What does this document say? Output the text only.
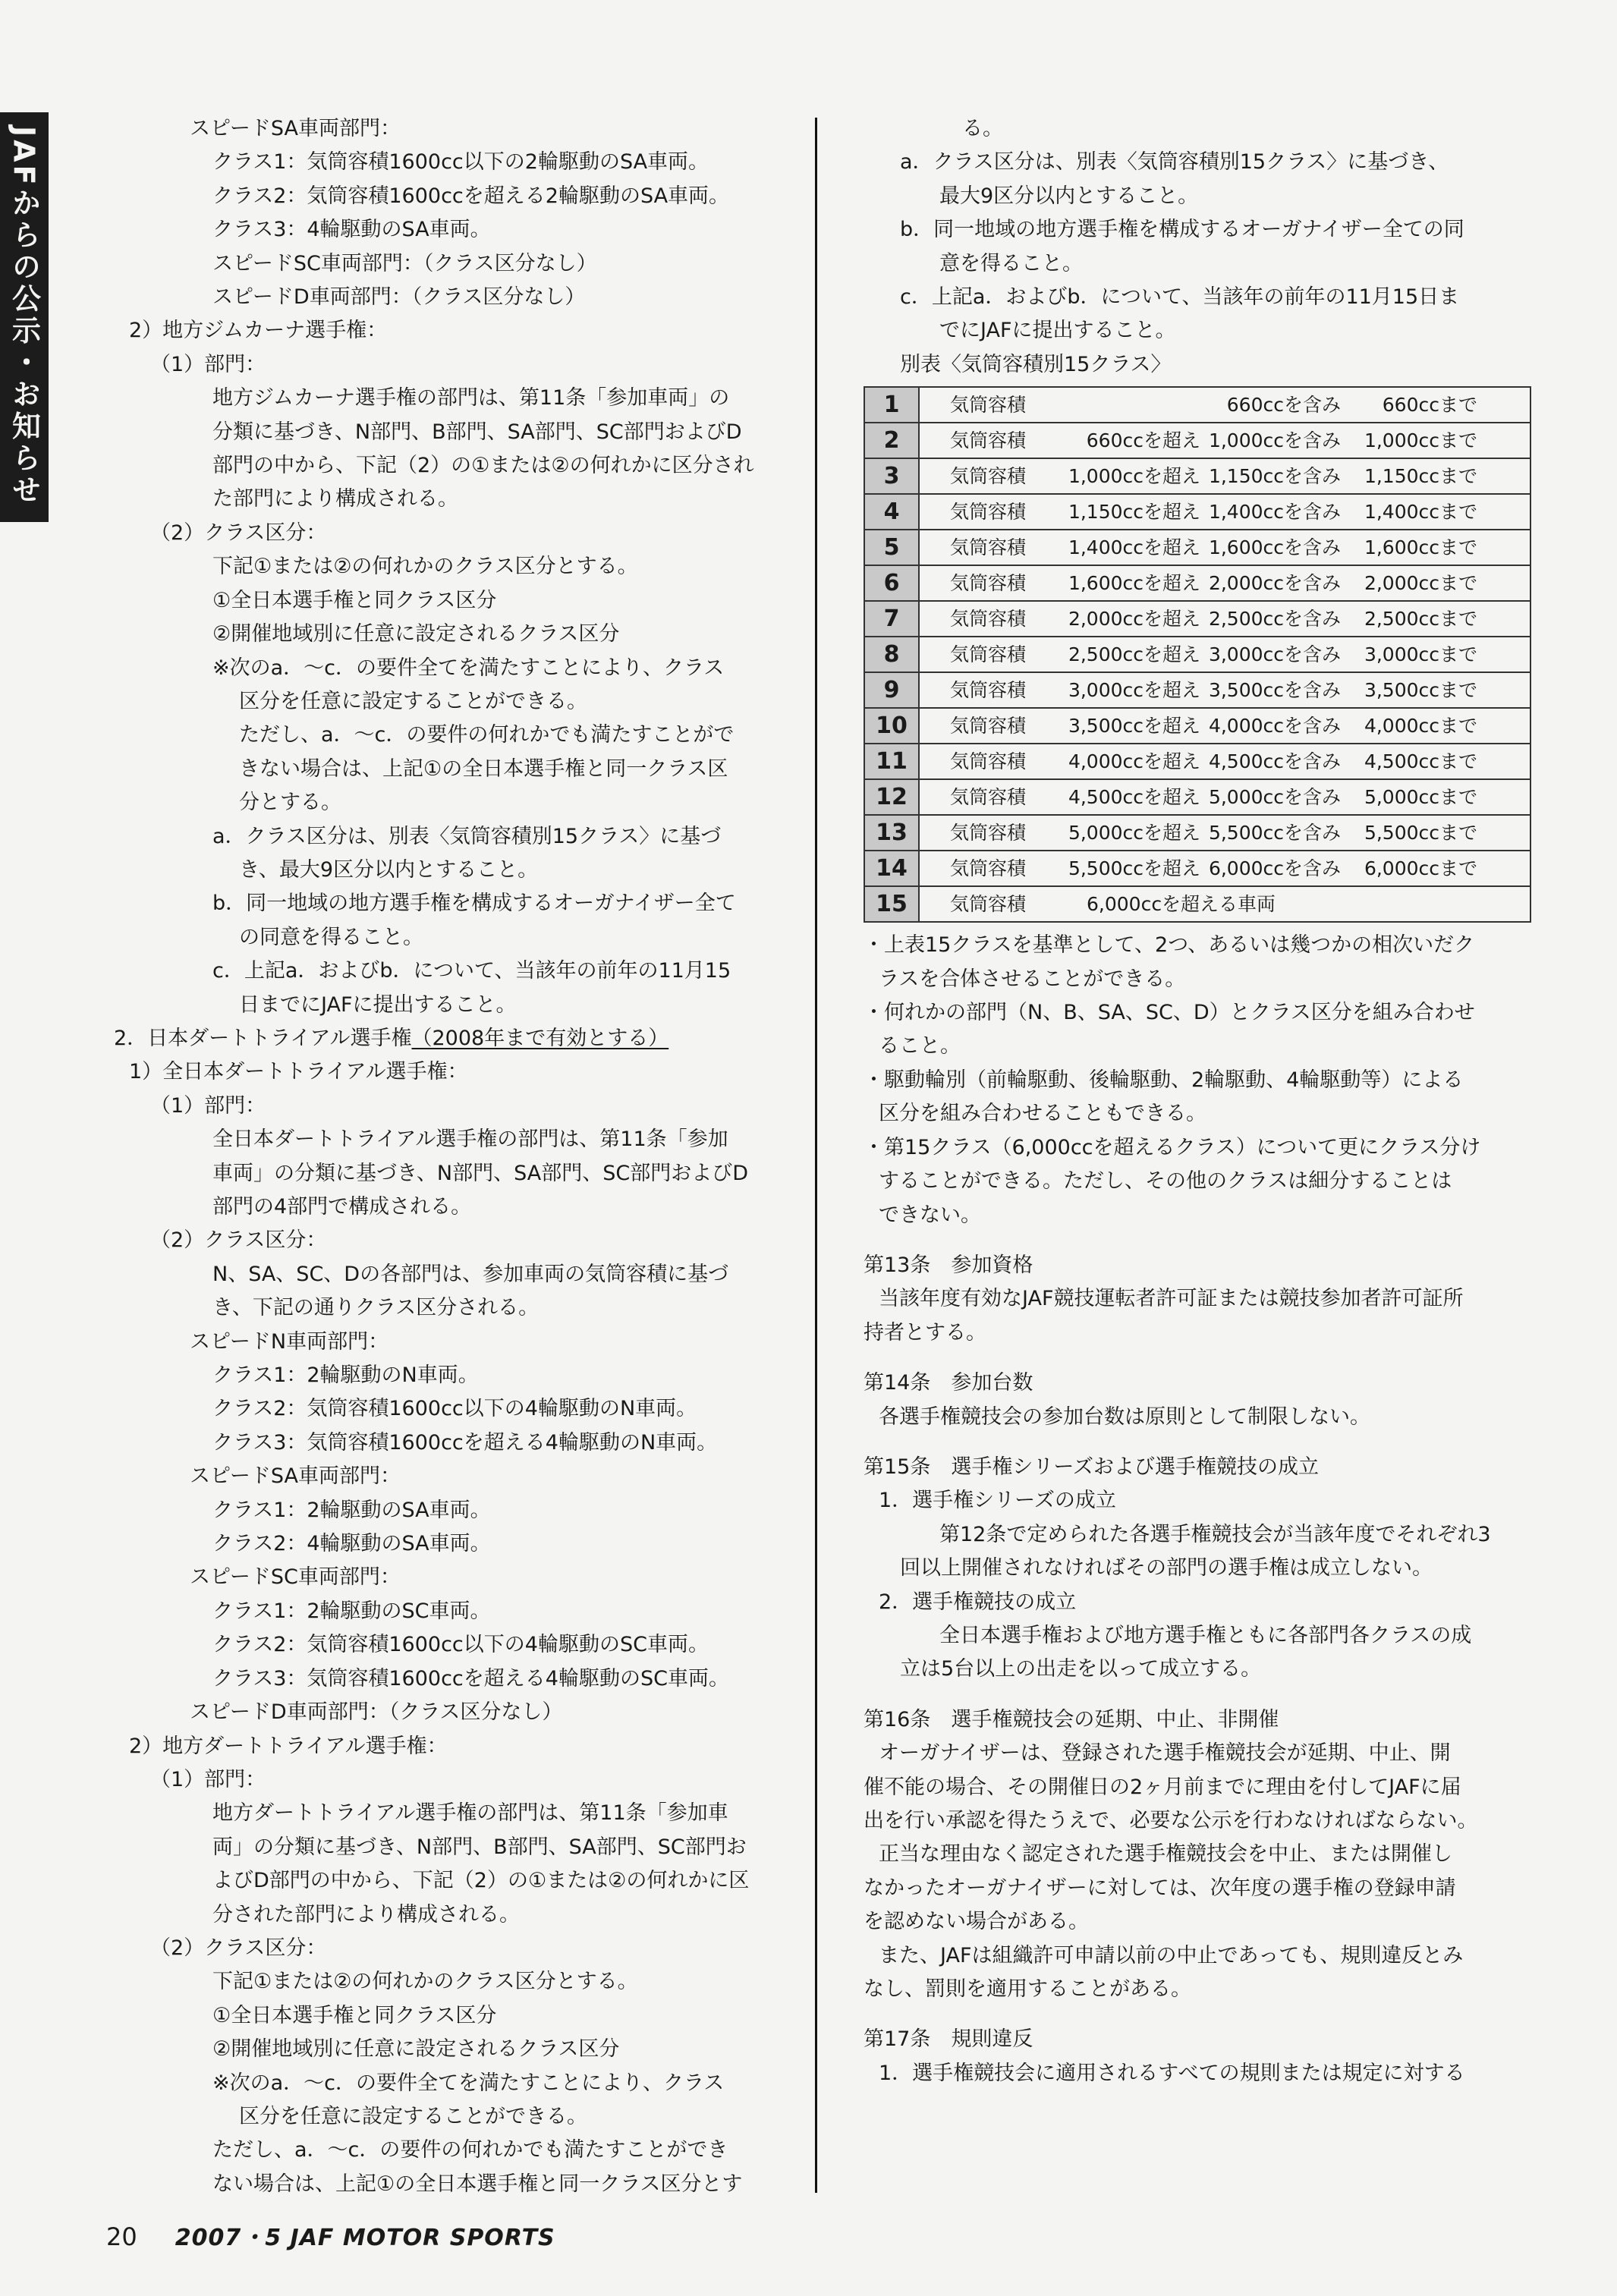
JAFからの公示・お知らせ	スピードSA車両部門：
クラス1：気筒容積1600cc以下の2輪駆動のSA車両。
クラス2：気筒容積1600ccを超える2輪駆動のSA車両。
クラス3：4輪駆動のSA車両。
スピードSC車両部門：（クラス区分なし）
スピードD車両部門：（クラス区分なし）
2）地方ジムカーナ選手権：
（1）部門：
地方ジムカーナ選手権の部門は、第11条「参加車両」の
分類に基づき、N部門、B部門、SA部門、SC部門およびD
部門の中から、下記（2）の①または②の何れかに区分され
た部門により構成される。
（2）クラス区分：
下記①または②の何れかのクラス区分とする。
①全日本選手権と同クラス区分
②開催地域別に任意に設定されるクラス区分
※次のa．～c．の要件全てを満たすことにより、クラス
区分を任意に設定することができる。
ただし、a．～c．の要件の何れかでも満たすことがで
きない場合は、上記①の全日本選手権と同一クラス区
分とする。
a．クラス区分は、別表〈気筒容積別15クラス〉に基づ
き、最大9区分以内とすること。
b．同一地域の地方選手権を構成するオーガナイザー全て
の同意を得ること。
c．上記a．およびb．について、当該年の前年の11月15
日までにJAFに提出すること。
2．日本ダートトライアル選手権（2008年まで有効とする）
1）全日本ダートトライアル選手権：
（1）部門：
全日本ダートトライアル選手権の部門は、第11条「参加
車両」の分類に基づき、N部門、SA部門、SC部門およびD
部門の4部門で構成される。
（2）クラス区分：
N、SA、SC、Dの各部門は、参加車両の気筒容積に基づ
き、下記の通りクラス区分される。
スピードN車両部門：
クラス1：2輪駆動のN車両。
クラス2：気筒容積1600cc以下の4輪駆動のN車両。
クラス3：気筒容積1600ccを超える4輪駆動のN車両。
スピードSA車両部門：
クラス1：2輪駆動のSA車両。
クラス2：4輪駆動のSA車両。
スピードSC車両部門：
クラス1：2輪駆動のSC車両。
クラス2：気筒容積1600cc以下の4輪駆動のSC車両。
クラス3：気筒容積1600ccを超える4輪駆動のSC車両。
スピードD車両部門：（クラス区分なし）
2）地方ダートトライアル選手権：
（1）部門：
地方ダートトライアル選手権の部門は、第11条「参加車
両」の分類に基づき、N部門、B部門、SA部門、SC部門お
よびD部門の中から、下記（2）の①または②の何れかに区
分された部門により構成される。
（2）クラス区分：
下記①または②の何れかのクラス区分とする。
①全日本選手権と同クラス区分
②開催地域別に任意に設定されるクラス区分
※次のa．～c．の要件全てを満たすことにより、クラス
区分を任意に設定することができる。
ただし、a．～c．の要件の何れかでも満たすことができ
ない場合は、上記①の全日本選手権と同一クラス区分とす
る。
a．クラス区分は、別表〈気筒容積別15クラス〉に基づき、
最大9区分以内とすること。
b．同一地域の地方選手権を構成するオーガナイザー全ての同
意を得ること。
c．上記a．およびb．について、当該年の前年の11月15日ま
でにJAFに提出すること。
別表〈気筒容積別15クラス〉
1	気筒容積 660ccを含み 660ccまで

2	気筒容積 660ccを超え 1,000ccを含み 1,000ccまで

3	気筒容積 1,000ccを超え 1,150ccを含み 1,150ccまで

4	気筒容積 1,150ccを超え 1,400ccを含み 1,400ccまで

5	気筒容積 1,400ccを超え 1,600ccを含み 1,600ccまで

6	気筒容積 1,600ccを超え 2,000ccを含み 2,000ccまで

7	気筒容積 2,000ccを超え 2,500ccを含み 2,500ccまで

8	気筒容積 2,500ccを超え 3,000ccを含み 3,000ccまで

9	気筒容積 3,000ccを超え 3,500ccを含み 3,500ccまで

10	気筒容積 3,500ccを超え 4,000ccを含み 4,000ccまで

11	気筒容積 4,000ccを超え 4,500ccを含み 4,500ccまで

12	気筒容積 4,500ccを超え 5,000ccを含み 5,000ccまで

13	気筒容積 5,000ccを超え 5,500ccを含み 5,500ccまで

14	気筒容積 5,500ccを超え 6,000ccを含み 6,000ccまで

15	気筒容積 6,000ccを超える車両
・上表15クラスを基準として、2つ、あるいは幾つかの相次いだク
ラスを合体させることができる。
・何れかの部門（N、B、SA、SC、D）とクラス区分を組み合わせ
ること。
・駆動輪別（前輪駆動、後輪駆動、2輪駆動、4輪駆動等）による
区分を組み合わせることもできる。
・第15クラス（6,000ccを超えるクラス）について更にクラス分け
することができる。ただし、その他のクラスは細分することは
できない。
第13条　参加資格
当該年度有効なJAF競技運転者許可証または競技参加者許可証所
持者とする。
第14条　参加台数
各選手権競技会の参加台数は原則として制限しない。
第15条　選手権シリーズおよび選手権競技の成立
1．選手権シリーズの成立
第12条で定められた各選手権競技会が当該年度でそれぞれ3
回以上開催されなければその部門の選手権は成立しない。
2．選手権競技の成立
全日本選手権および地方選手権ともに各部門各クラスの成
立は5台以上の出走を以って成立する。
第16条　選手権競技会の延期、中止、非開催
オーガナイザーは、登録された選手権競技会が延期、中止、開
催不能の場合、その開催日の2ヶ月前までに理由を付してJAFに届
出を行い承認を得たうえで、必要な公示を行わなければならない。
正当な理由なく認定された選手権競技会を中止、または開催し
なかったオーガナイザーに対しては、次年度の選手権の登録申請
を認めない場合がある。
また、JAFは組織許可申請以前の中止であっても、規則違反とみ
なし、罰則を適用することがある。
第17条　規則違反
1．選手権競技会に適用されるすべての規則または規定に対する
20 2007・5 JAF MOTOR SPORTS
